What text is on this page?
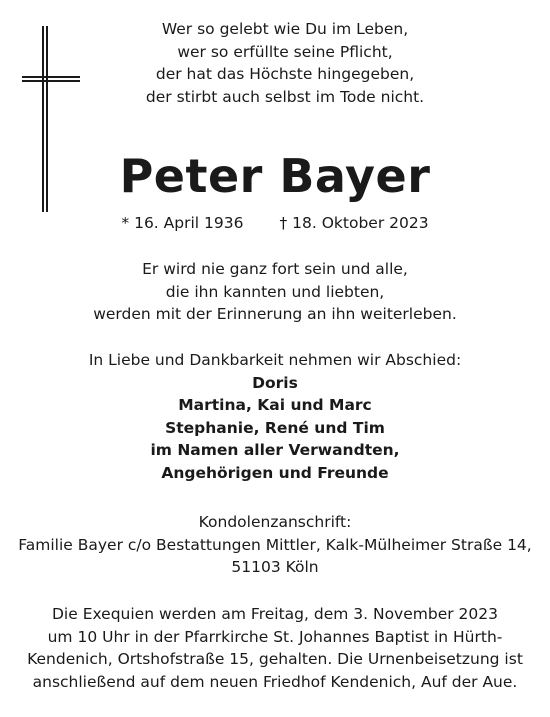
Wer so gelebt wie Du im Leben,
wer so erfüllte seine Pflicht,
der hat das Höchste hingegeben,
der stirbt auch selbst im Tode nicht.
Peter Bayer
* 16. April 1936 † 18. Oktober 2023
Er wird nie ganz fort sein und alle,
die ihn kannten und liebten,
werden mit der Erinnerung an ihn weiterleben.
In Liebe und Dankbarkeit nehmen wir Abschied:
Doris
Martina, Kai und Marc
Stephanie, René und Tim
im Namen aller Verwandten,
Angehörigen und Freunde
Kondolenzanschrift:
Familie Bayer c/o Bestattungen Mittler, Kalk-Mülheimer Straße 14,
51103 Köln
Die Exequien werden am Freitag, dem 3. November 2023
um 10 Uhr in der Pfarrkirche St. Johannes Baptist in Hürth-
Kendenich, Ortshofstraße 15, gehalten. Die Urnenbeisetzung ist
anschließend auf dem neuen Friedhof Kendenich, Auf der Aue.
